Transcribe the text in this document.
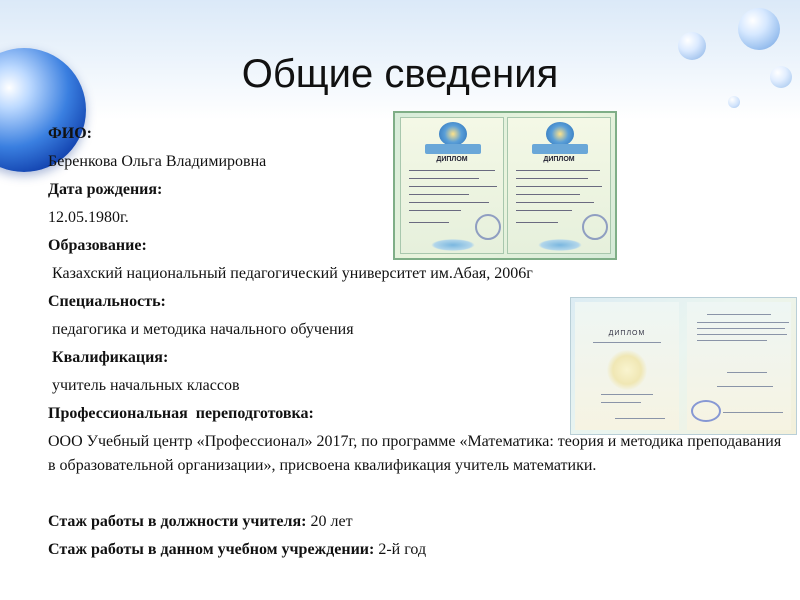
Общие сведения
ДИПЛОМ	ДИПЛОМ
ДИПЛОМ
ФИО:
Беренкова Ольга Владимировна
Дата рождения:
12.05.1980г.
Образование:
Казахский национальный педагогический университет им.Абая, 2006г
Специальность:
педагогика и методика начального обучения
Квалификация:
учитель начальных классов
Профессиональная  переподготовка:
ООО Учебный центр «Профессионал» 2017г, по программе «Математика: теория и методика преподавания в образовательной организации», присвоена квалификация учитель математики.
Стаж работы в должности учителя: 20 лет
Стаж работы в данном учебном учреждении: 2-й год
